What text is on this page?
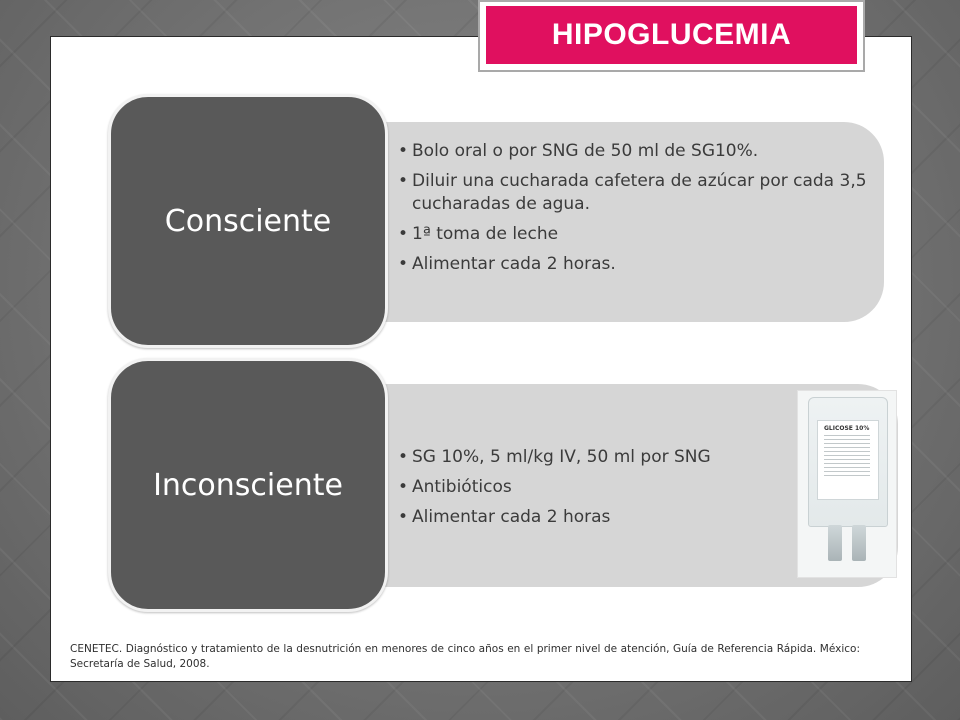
HIPOGLUCEMIA
Consciente
• Bolo oral o por SNG de 50 ml de SG10%.
• Diluir una cucharada cafetera de azúcar por cada 3,5 cucharadas de agua.
• 1ª toma de leche
• Alimentar cada 2 horas.
Inconsciente
• SG 10%, 5 ml/kg IV, 50 ml por SNG
• Antibióticos
• Alimentar cada 2 horas
GLICOSE 10%
CENETEC. Diagnóstico y tratamiento de la desnutrición en menores de cinco años en el primer nivel de atención, Guía de Referencia Rápida. México: Secretaría de Salud, 2008.
